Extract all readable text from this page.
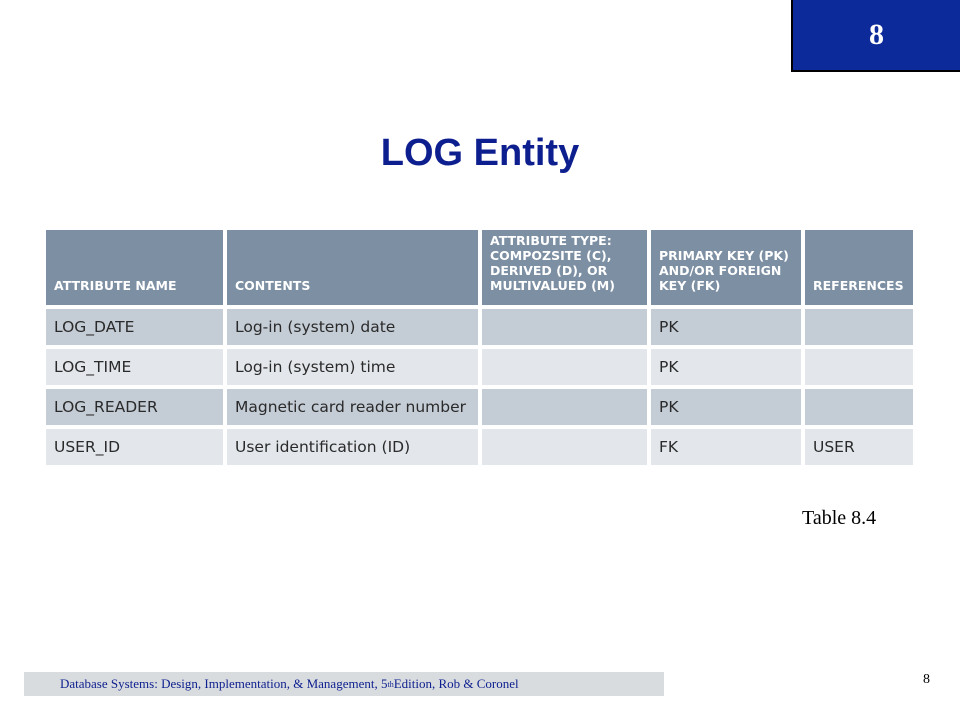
8
LOG Entity
ATTRIBUTE NAME	CONTENTS	ATTRIBUTE TYPE:
COMPOZSITE (C),
DERIVED (D), OR
MULTIVALUED (M)	PRIMARY KEY (PK)
AND/OR FOREIGN
KEY (FK)	REFERENCES

LOG_DATE	Log-in (system) date		PK	
LOG_TIME	Log-in (system) time		PK	
LOG_READER	Magnetic card reader number		PK	
USER_ID	User identification (ID)		FK	USER
Table 8.4
Database Systems: Design, Implementation, & Management, 5 th Edition, Rob & Coronel	8
